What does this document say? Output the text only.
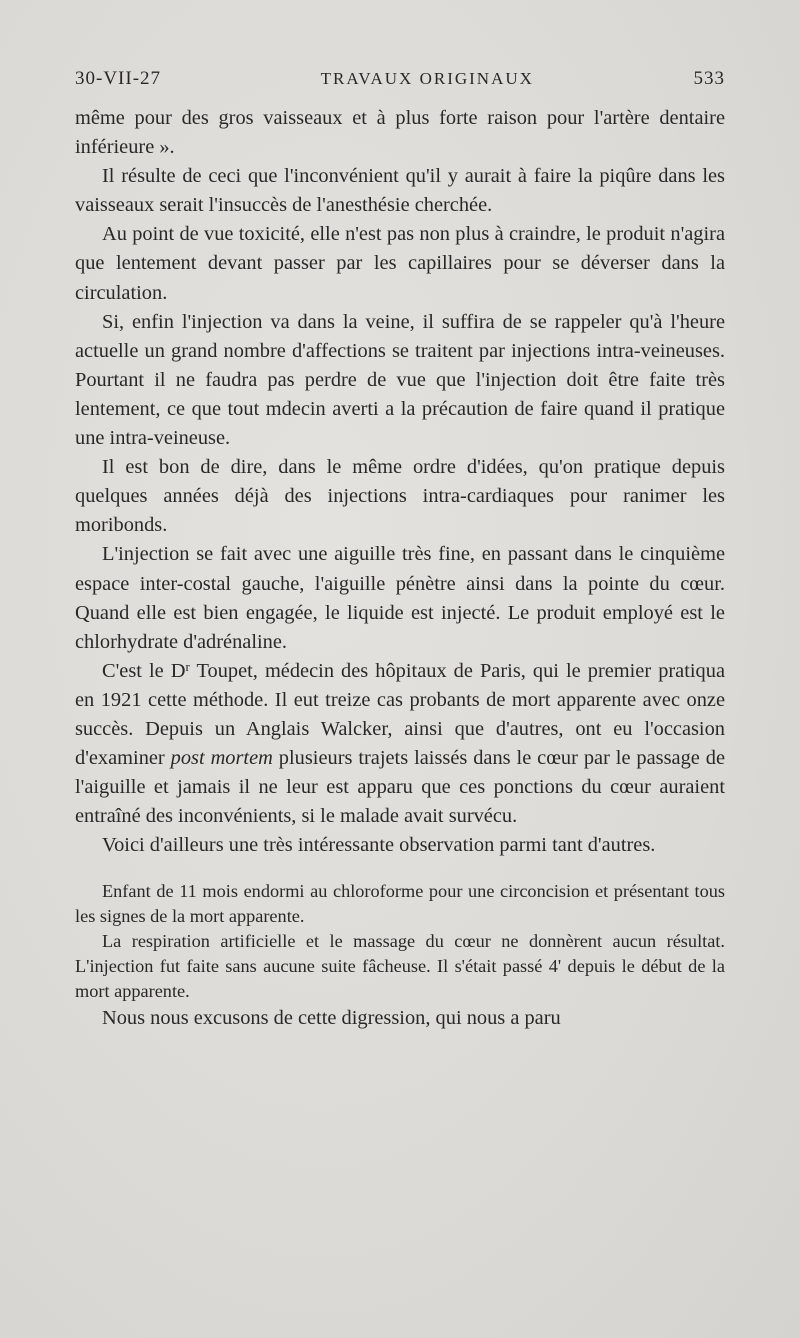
30-VII-27	TRAVAUX ORIGINAUX	533

même pour des gros vaisseaux et à plus forte raison pour l'artère dentaire inférieure ».

Il résulte de ceci que l'inconvénient qu'il y aurait à faire la piqûre dans les vaisseaux serait l'insuccès de l'anesthésie cherchée.

Au point de vue toxicité, elle n'est pas non plus à craindre, le produit n'agira que lentement devant passer par les capillaires pour se déverser dans la circulation.

Si, enfin l'injection va dans la veine, il suffira de se rappeler qu'à l'heure actuelle un grand nombre d'affections se traitent par injections intra-veineuses. Pourtant il ne faudra pas perdre de vue que l'injection doit être faite très lentement, ce que tout mdecin averti a la précaution de faire quand il pratique une intra-veineuse.

Il est bon de dire, dans le même ordre d'idées, qu'on pratique depuis quelques années déjà des injections intra-cardiaques pour ranimer les moribonds.

L'injection se fait avec une aiguille très fine, en passant dans le cinquième espace inter-costal gauche, l'aiguille pénètre ainsi dans la pointe du cœur. Quand elle est bien engagée, le liquide est injecté. Le produit employé est le chlorhydrate d'adrénaline.

C'est le $D^r$ Toupet, médecin des hôpitaux de Paris, qui le premier pratiqua en 1921 cette méthode. Il eut treize cas probants de mort apparente avec onze succès. Depuis un Anglais Walcker, ainsi que d'autres, ont eu l'occasion d'examiner post mortem plusieurs trajets laissés dans le cœur par le passage de l'aiguille et jamais il ne leur est apparu que ces ponctions du cœur auraient entraîné des inconvénients, si le malade avait survécu.

Voici d'ailleurs une très intéressante observation parmi tant d'autres.

Enfant de 11 mois endormi au chloroforme pour une circoncision et présentant tous les signes de la mort apparente.

La respiration artificielle et le massage du cœur ne donnèrent aucun résultat. L'injection fut faite sans aucune suite fâcheuse. Il s'était passé 4' depuis le début de la mort apparente.

Nous nous excusons de cette digression, qui nous a paru
